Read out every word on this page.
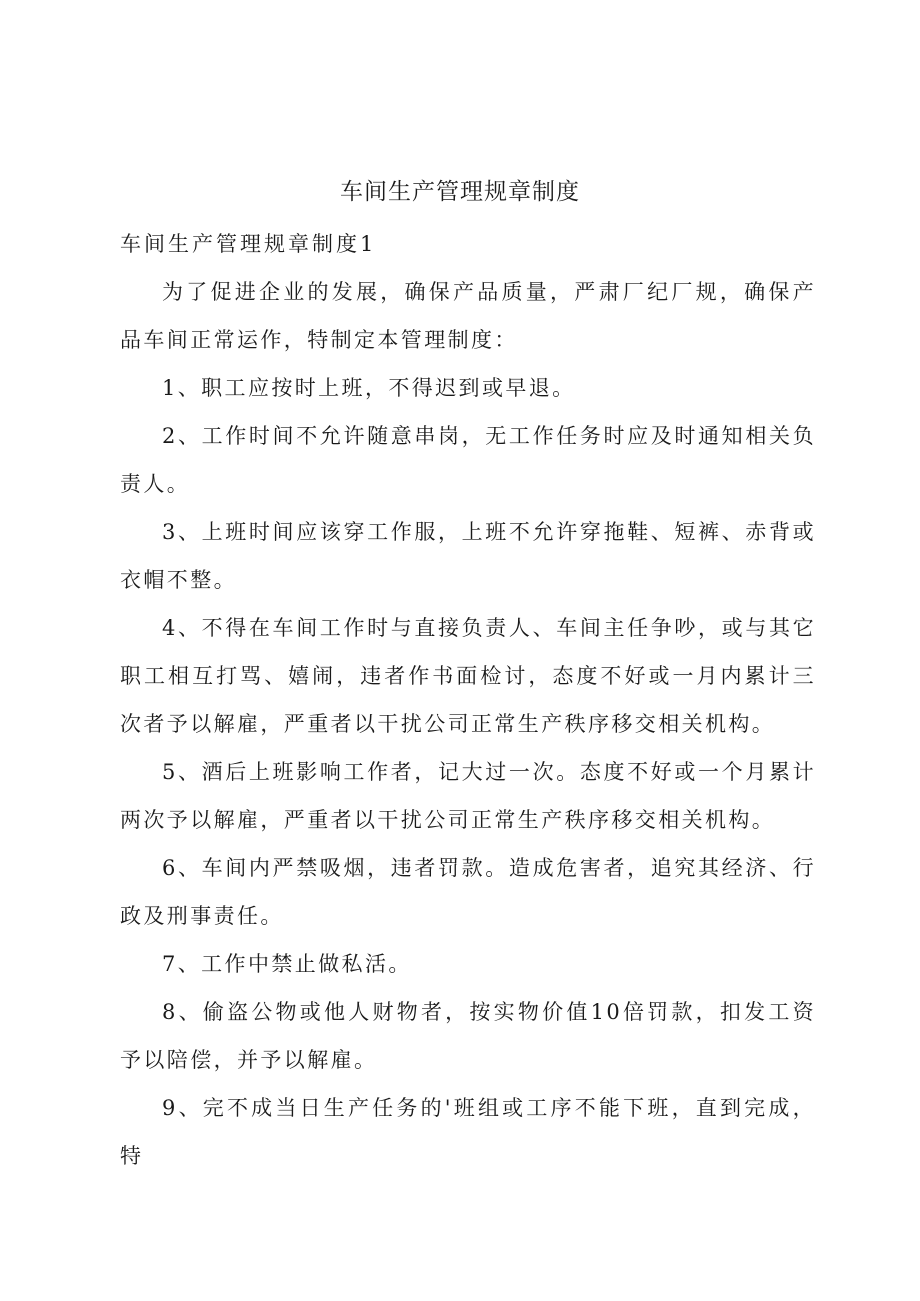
车间生产管理规章制度
车间生产管理规章制度1

为了促进企业的发展，确保产品质量，严肃厂纪厂规，确保产品车间正常运作，特制定本管理制度：

1、职工应按时上班，不得迟到或早退。

2、工作时间不允许随意串岗，无工作任务时应及时通知相关负责人。

3、上班时间应该穿工作服，上班不允许穿拖鞋、短裤、赤背或衣帽不整。

4、不得在车间工作时与直接负责人、车间主任争吵，或与其它职工相互打骂、嬉闹，违者作书面检讨，态度不好或一月内累计三次者予以解雇，严重者以干扰公司正常生产秩序移交相关机构。

5、酒后上班影响工作者，记大过一次。态度不好或一个月累计两次予以解雇，严重者以干扰公司正常生产秩序移交相关机构。

6、车间内严禁吸烟，违者罚款。造成危害者，追究其经济、行政及刑事责任。

7、工作中禁止做私活。

8、偷盗公物或他人财物者，按实物价值10倍罚款，扣发工资予以陪偿，并予以解雇。

9、完不成当日生产任务的'班组或工序不能下班，直到完成，特
